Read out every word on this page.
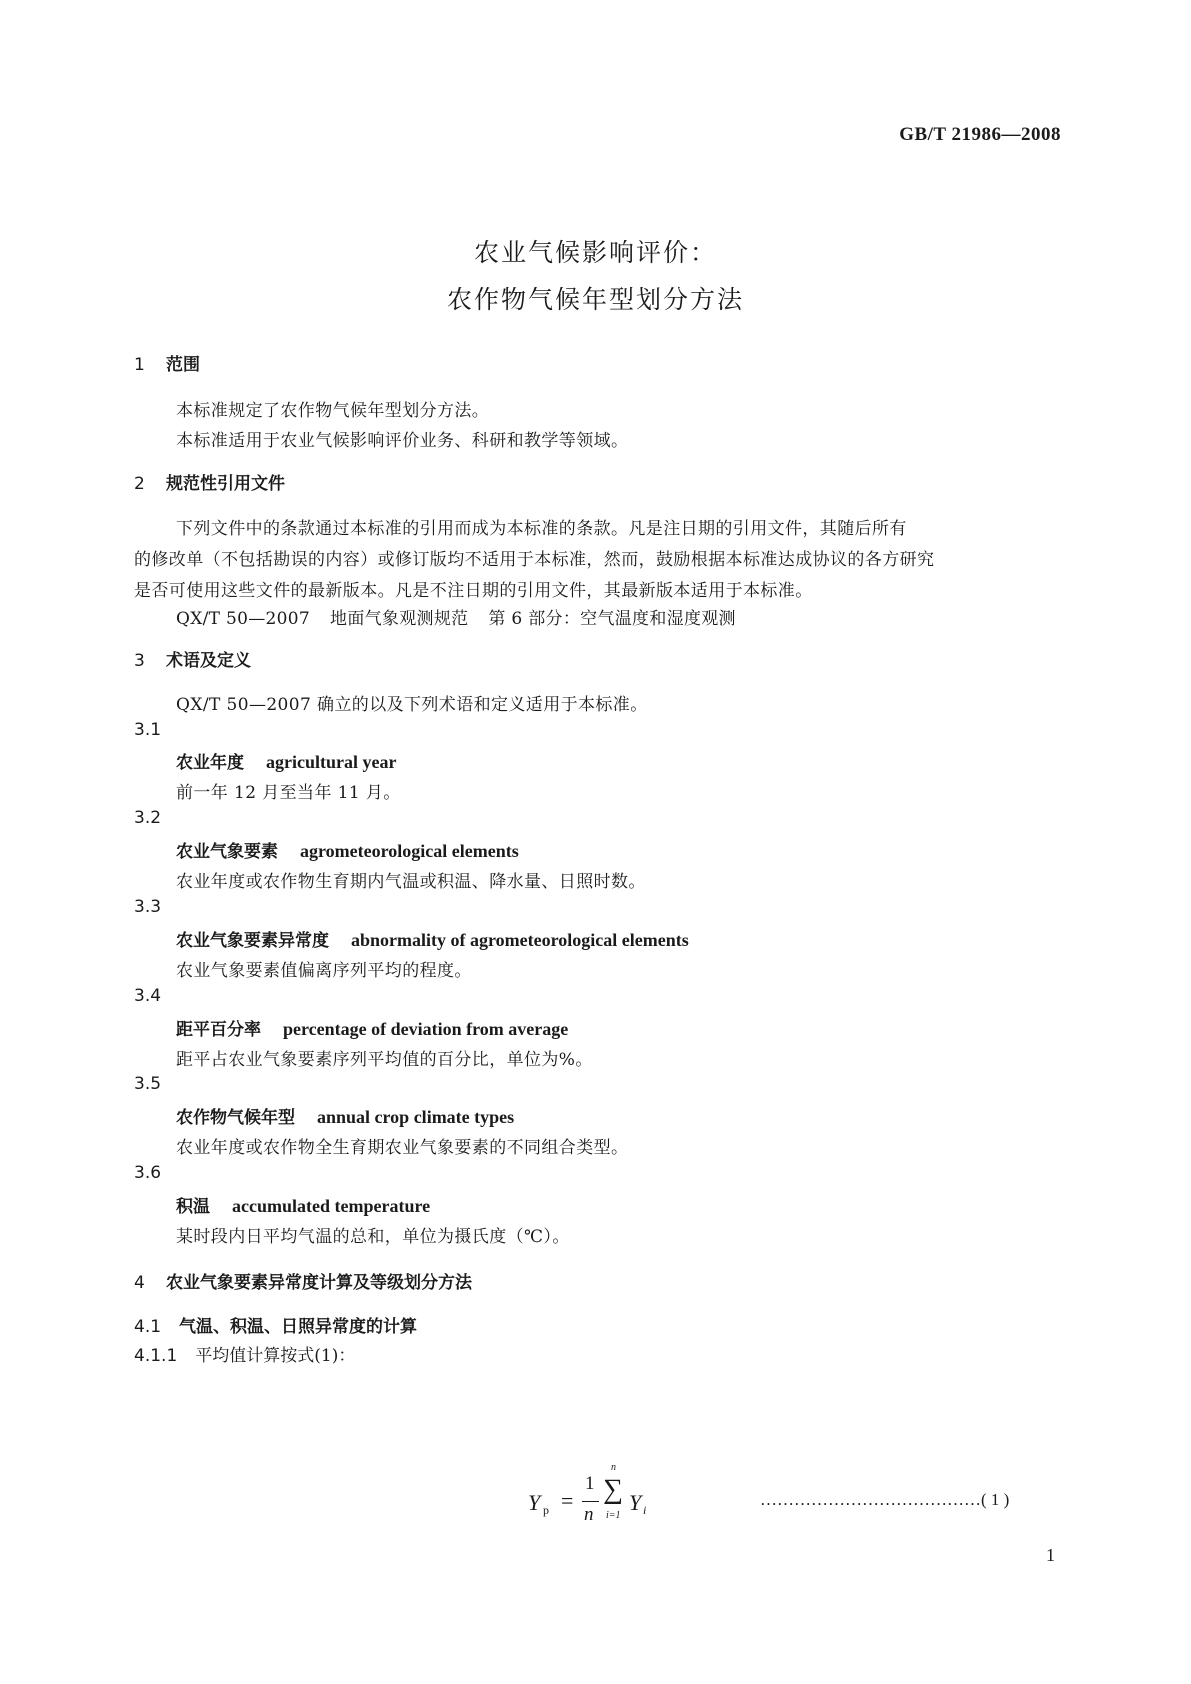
GB/T 21986—2008
农业气候影响评价：
农作物气候年型划分方法
1 范围
本标准规定了农作物气候年型划分方法。
本标准适用于农业气候影响评价业务、科研和教学等领域。
2 规范性引用文件
下列文件中的条款通过本标准的引用而成为本标准的条款。凡是注日期的引用文件，其随后所有
的修改单（不包括勘误的内容）或修订版均不适用于本标准，然而，鼓励根据本标准达成协议的各方研究
是否可使用这些文件的最新版本。凡是不注日期的引用文件，其最新版本适用于本标准。
QX/T 50—2007 地面气象观测规范 第 6 部分：空气温度和湿度观测
3 术语及定义
QX/T 50—2007 确立的以及下列术语和定义适用于本标准。
3.1
农业年度 agricultural year
前一年 12 月至当年 11 月。
3.2
农业气象要素 agrometeorological elements
农业年度或农作物生育期内气温或积温、降水量、日照时数。
3.3
农业气象要素异常度 abnormality of agrometeorological elements
农业气象要素值偏离序列平均的程度。
3.4
距平百分率 percentage of deviation from average
距平占农业气象要素序列平均值的百分比，单位为%。
3.5
农作物气候年型 annual crop climate types
农业年度或农作物全生育期农业气象要素的不同组合类型。
3.6
积温 accumulated temperature
某时段内日平均气温的总和，单位为摄氏度（℃）。
4 农业气象要素异常度计算及等级划分方法
4.1 气温、积温、日照异常度的计算
4.1.1 平均值计算按式(1)：
Y p =
1
n
n
∑
i=1
Y i
…………………………………( 1 )
1
